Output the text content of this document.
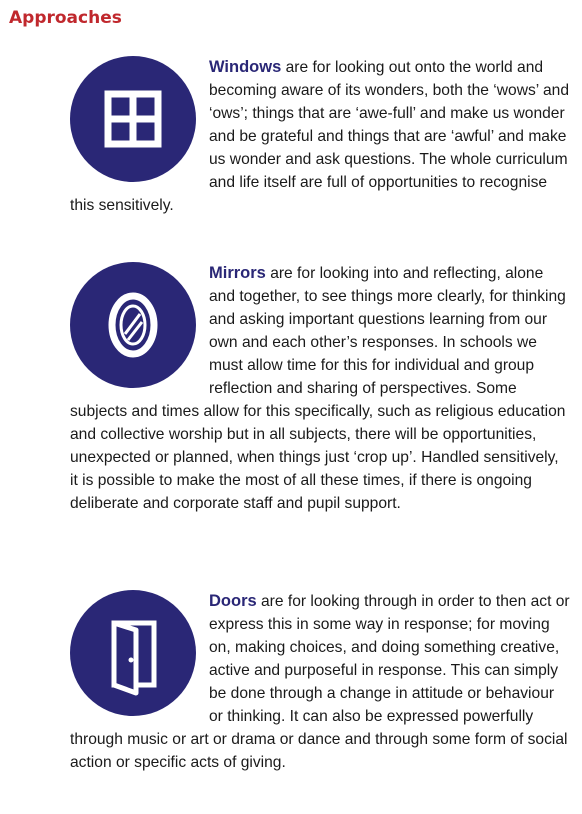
Approaches

Windows are for looking out onto the world and becoming aware of its wonders, both the ‘wows’ and ‘ows’; things that are ‘awe-full’ and make us wonder and be grateful and things that are ‘awful’ and make us wonder and ask questions. The whole curriculum and life itself are full of opportunities to recognise this sensitively.

Mirrors are for looking into and reflecting, alone and together, to see things more clearly, for thinking and asking important questions learning from our own and each other’s responses. In schools we must allow time for this for individual and group reflection and sharing of perspectives. Some subjects and times allow for this specifically, such as religious education and collective worship but in all subjects, there will be opportunities, unexpected or planned, when things just ‘crop up’. Handled sensitively, it is possible to make the most of all these times, if there is ongoing deliberate and corporate staff and pupil support.

Doors are for looking through in order to then act or express this in some way in response; for moving on, making choices, and doing something creative, active and purposeful in response. This can simply be done through a change in attitude or behaviour or thinking. It can also be expressed powerfully through music or art or drama or dance and through some form of social action or specific acts of giving.
